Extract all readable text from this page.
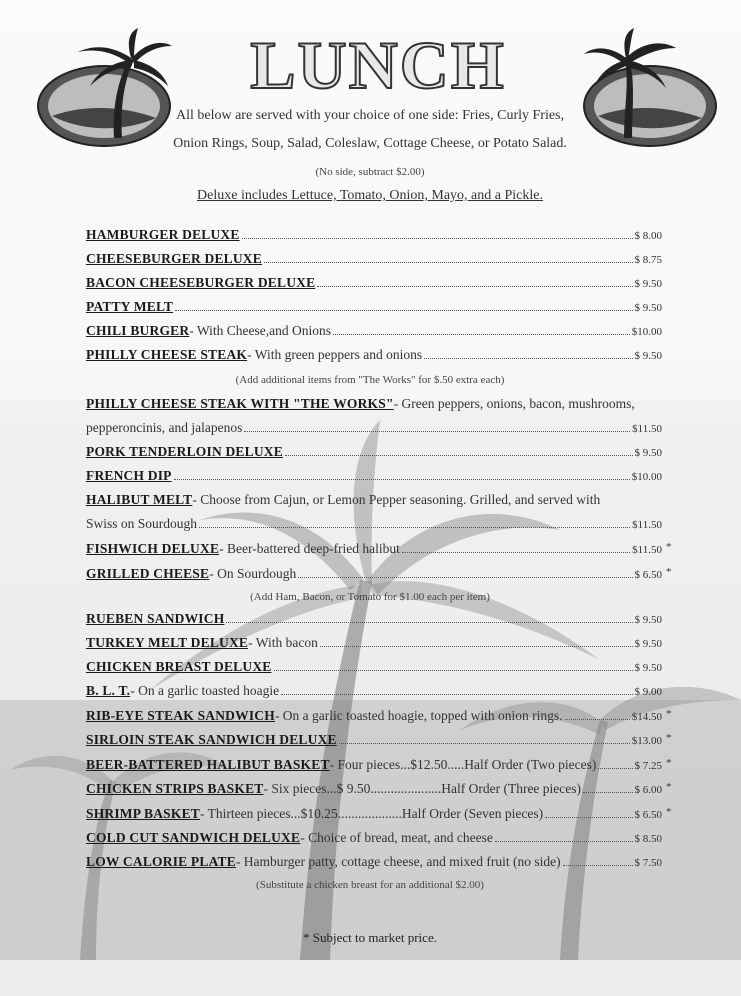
LUNCH
All below are served with your choice of one side: Fries, Curly Fries,
Onion Rings, Soup, Salad, Coleslaw, Cottage Cheese, or Potato Salad.
(No side, subtract $2.00)
Deluxe includes Lettuce, Tomato, Onion, Mayo, and a Pickle.
HAMBURGER DELUXE	$ 8.00
CHEESEBURGER DELUXE	$ 8.75
BACON CHEESEBURGER DELUXE	$ 9.50
PATTY MELT	$ 9.50
CHILI BURGER - With Cheese,and Onions	$10.00
PHILLY CHEESE STEAK - With green peppers and onions	$ 9.50
(Add additional items from "The Works" for $.50 extra each)
PHILLY CHEESE STEAK WITH "THE WORKS" - Green peppers, onions, bacon, mushrooms,
pepperoncinis, and jalapenos	$11.50
PORK TENDERLOIN DELUXE	$ 9.50
FRENCH DIP	$10.00
HALIBUT MELT - Choose from Cajun, or Lemon Pepper seasoning. Grilled, and served with
Swiss on Sourdough	$11.50
FISHWICH DELUXE - Beer-battered deep-fried halibut	$11.50 *
GRILLED CHEESE - On Sourdough	$ 6.50 *
(Add Ham, Bacon, or Tomato for $1.00 each per item)
RUEBEN SANDWICH	$ 9.50
TURKEY MELT DELUXE - With bacon	$ 9.50
CHICKEN BREAST DELUXE	$ 9.50
B. L. T. - On a garlic toasted hoagie	$ 9.00
RIB-EYE STEAK SANDWICH - On a garlic toasted hoagie, topped with onion rings.	$14.50 *
SIRLOIN STEAK SANDWICH DELUXE	$13.00 *
BEER-BATTERED HALIBUT BASKET - Four pieces...$12.50.....Half Order (Two pieces)	$ 7.25 *
CHICKEN STRIPS BASKET - Six pieces...$ 9.50.....................Half Order (Three pieces)	$ 6.00 *
SHRIMP BASKET - Thirteen pieces...$10.25...................Half Order (Seven pieces)	$ 6.50 *
COLD CUT SANDWICH DELUXE - Choice of bread, meat, and cheese	$ 8.50
LOW CALORIE PLATE - Hamburger patty, cottage cheese, and mixed fruit (no side)	$ 7.50
(Substitute a chicken breast for an additional $2.00)
* Subject to market price.
